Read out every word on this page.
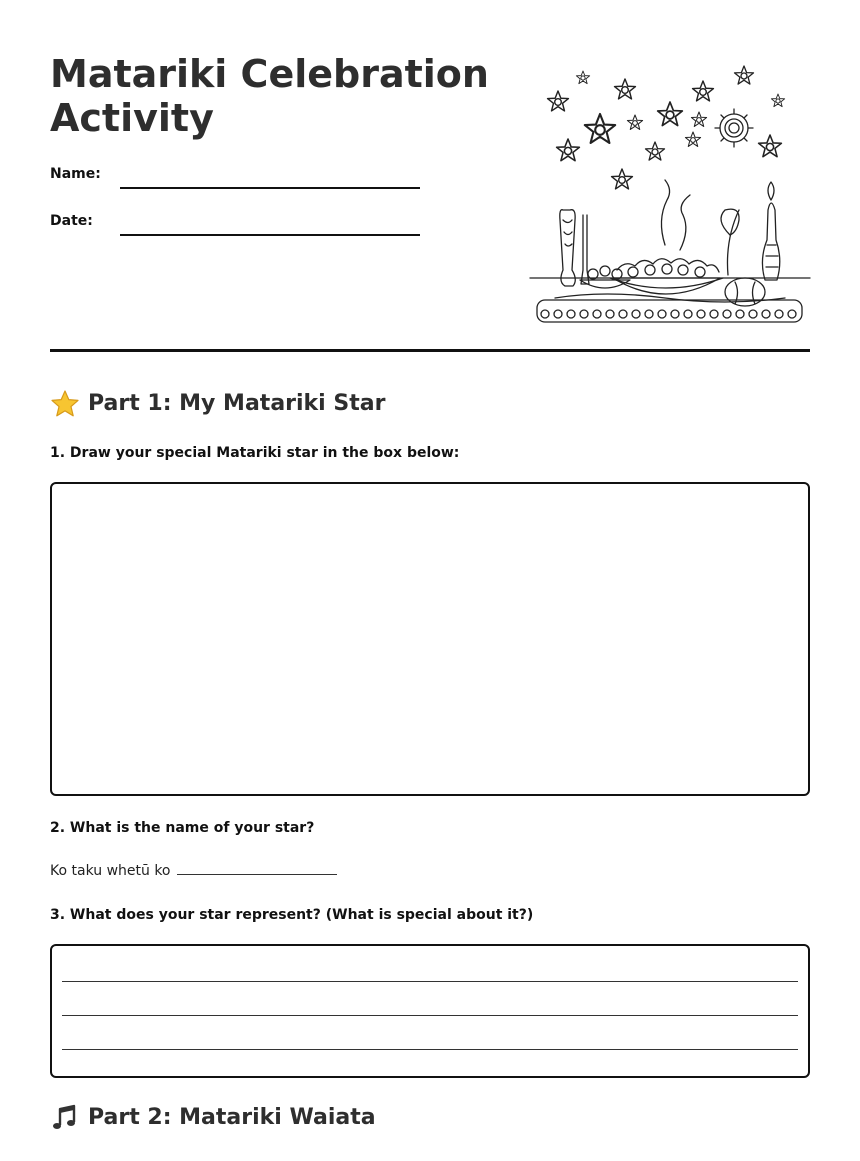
Matariki Celebration Activity
Name:
Date:
Part 1: My Matariki Star
1. Draw your special Matariki star in the box below:
2. What is the name of your star?
Ko taku whetū ko
3. What does your star represent? (What is special about it?)
Part 2: Matariki Waiata
